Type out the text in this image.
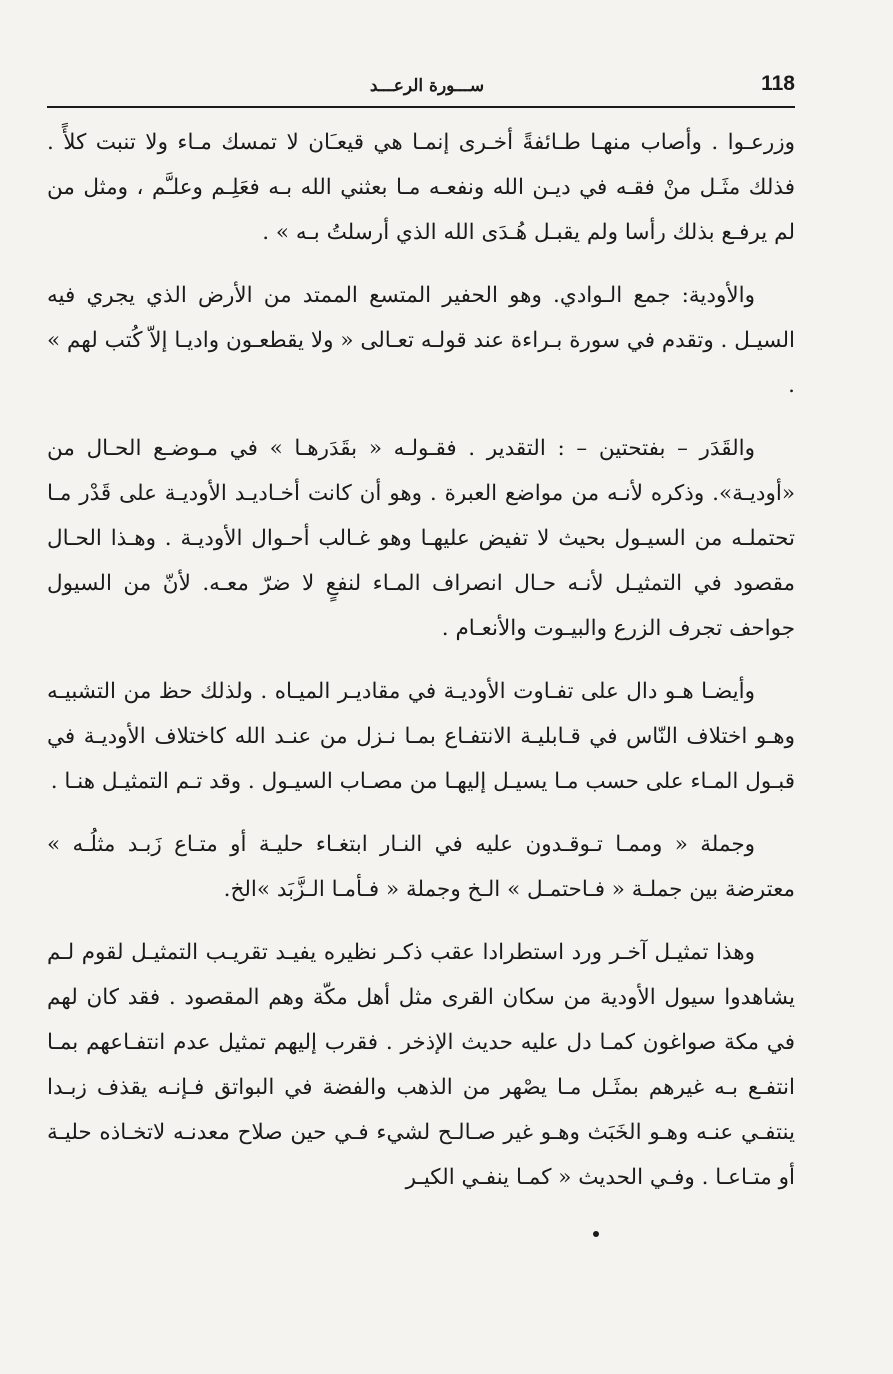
118
ســـورة الرعـــد

وزرعـوا . وأصاب منهـا طـائفةً أخـرى إنمـا هي قيعـَان لا تمسك مـاء ولا تنبت كلأً . فذلك مثَـل منْ فقـه في ديـن الله ونفعـه مـا بعثني الله بـه فعَلِـم وعلـَّم ، ومثل من لم يرفـع بذلك رأسا ولم يقبـل هُـدَى الله الذي أرسلتُ بـه » .

والأودية: جمع الـوادي. وهو الحفير المتسع الممتد من الأرض الذي يجري فيه السيـل . وتقدم في سورة بـراءة عند قولـه تعـالى « ولا يقطعـون واديـا إلاّ كُتب لهم » .

والقَدَر – بفتحتين – : التقدير . فقـولـه « بقَدَرهـا » في مـوضـع الحـال من «أوديـة». وذكره لأنـه من مواضع العبرة . وهو أن كانت أخـاديـد الأوديـة على قَدْر مـا تحتملـه من السيـول بحيث لا تفيض عليهـا وهو غـالب أحـوال الأوديـة . وهـذا الحـال مقصود في التمثيـل لأنـه حـال انصراف المـاء لنفعٍ لا ضرّ معـه. لأنّ من السيول جواحف تجرف الزرع والبيـوت والأنعـام .

وأيضـا هـو دال على تفـاوت الأوديـة في مقاديـر الميـاه . ولذلك حظ من التشبيـه وهـو اختلاف النّاس في قـابليـة الانتفـاع بمـا نـزل من عنـد الله كاختلاف الأوديـة في قبـول المـاء على حسب مـا يسيـل إليهـا من مصـاب السيـول . وقد تـم التمثيـل هنـا .

وجملة « وممـا تـوقـدون عليه في النـار ابتغـاء حليـة أو متـاع زَبـد مثلُـه » معترضة بين جملـة « فـاحتمـل » الـخ وجملة « فـأمـا الـزَّبَد »الخ.

وهذا تمثيـل آخـر ورد استطرادا عقب ذكـر نظيره يفيـد تقريـب التمثيـل لقوم لـم يشاهدوا سيول الأودية من سكان القرى مثل أهل مكّة وهم المقصود . فقد كان لهم في مكة صواغون كمـا دل عليه حديث الإذخر . فقرب إليهم تمثيل عدم انتفـاعهم بمـا انتفـع بـه غيرهم بمثَـل مـا يصْهر من الذهب والفضة في البواتق فـإنـه يقذف زبـدا ينتفـي عنـه وهـو الخَبَث وهـو غير صـالـح لشيء فـي حين صلاح معدنـه لاتخـاذه حليـة أو متـاعـا . وفـي الحديث « كمـا ينفـي الكيـر
